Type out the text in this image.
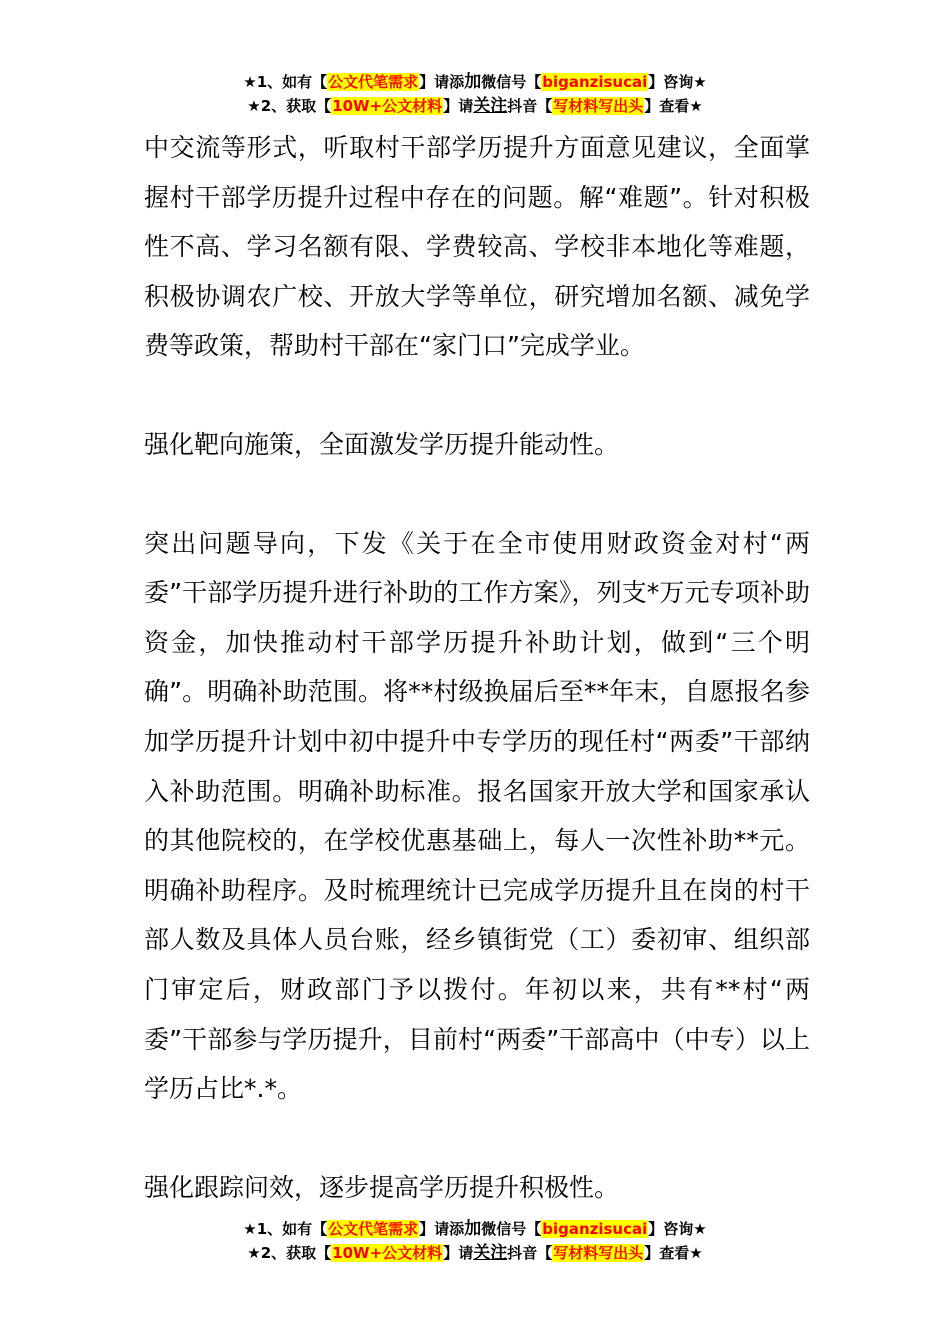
★1、如有【公文代笔需求】请添加微信号【biganzisucai】咨询★
★2、获取【10W+公文材料】请关注抖音【写材料写出头】查看★

中交流等形式，听取村干部学历提升方面意见建议，全面掌握村干部学历提升过程中存在的问题。解“难题”。针对积极性不高、学习名额有限、学费较高、学校非本地化等难题，积极协调农广校、开放大学等单位，研究增加名额、减免学费等政策，帮助村干部在“家门口”完成学业。

强化靶向施策，全面激发学历提升能动性。

突出问题导向，下发《关于在全市使用财政资金对村“两委”干部学历提升进行补助的工作方案》，列支*万元专项补助资金，加快推动村干部学历提升补助计划，做到“三个明确”。明确补助范围。将**村级换届后至**年末，自愿报名参加学历提升计划中初中提升中专学历的现任村“两委”干部纳入补助范围。明确补助标准。报名国家开放大学和国家承认的其他院校的，在学校优惠基础上，每人一次性补助**元。明确补助程序。及时梳理统计已完成学历提升且在岗的村干部人数及具体人员台账，经乡镇街党（工）委初审、组织部门审定后，财政部门予以拨付。年初以来，共有**村“两委”干部参与学历提升，目前村“两委”干部高中（中专）以上学历占比*.*。

强化跟踪问效，逐步提高学历提升积极性。

★1、如有【公文代笔需求】请添加微信号【biganzisucai】咨询★
★2、获取【10W+公文材料】请关注抖音【写材料写出头】查看★
